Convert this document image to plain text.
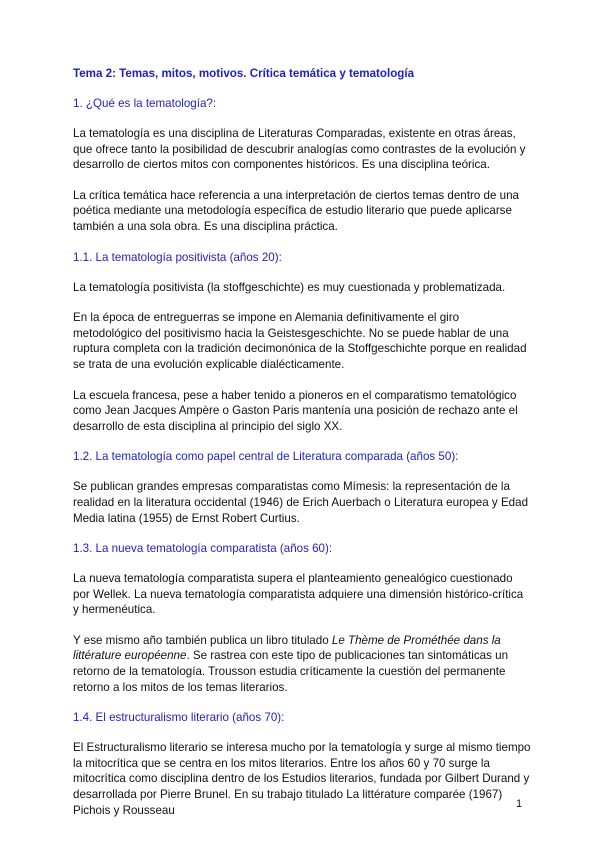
Tema 2: Temas, mitos, motivos. Crítica temática y tematología
1. ¿Qué es la tematología?:
La tematología es una disciplina de Literaturas Comparadas, existente en otras áreas, que ofrece tanto la posibilidad de descubrir analogías como contrastes de la evolución y desarrollo de ciertos mitos con componentes históricos. Es una disciplina teórica.
La crítica temática hace referencia a una interpretación de ciertos temas dentro de una poética mediante una metodología específica de estudio literario que puede aplicarse también a una sola obra. Es una disciplina práctica.
1.1. La tematología positivista (años 20):
La tematología positivista (la stoffgeschichte) es muy cuestionada y problematizada.
En la época de entreguerras se impone en Alemania definitivamente el giro metodológico del positivismo hacia la Geistesgeschichte. No se puede hablar de una ruptura completa con la tradición decimonónica de la Stoffgeschichte porque en realidad se trata de una evolución explicable dialécticamente.
La escuela francesa, pese a haber tenido a pioneros en el comparatismo tematológico como Jean Jacques Ampère o Gaston Paris mantenía una posición de rechazo ante el desarrollo de esta disciplina al principio del siglo XX.
1.2. La tematología como papel central de Literatura comparada (años 50):
Se publican grandes empresas comparatistas como Mímesis: la representación de la realidad en la literatura occidental (1946) de Erich Auerbach o Literatura europea y Edad Media latina (1955) de Ernst Robert Curtius.
1.3. La nueva tematología comparatista (años 60):
La nueva tematología comparatista supera el planteamiento genealógico cuestionado por Wellek. La nueva tematología comparatista adquiere una dimensión histórico-crítica y hermenéutica.
Y ese mismo año también publica un libro titulado Le Thème de Prométhée dans la littérature européenne. Se rastrea con este tipo de publicaciones tan sintomáticas un retorno de la tematología. Trousson estudia críticamente la cuestión del permanente retorno a los mitos de los temas literarios.
1.4. El estructuralismo literario (años 70):
El Estructuralismo literario se interesa mucho por la tematología y surge al mismo tiempo la mitocrítica que se centra en los mitos literarios. Entre los años 60 y 70 surge la mitocrítica como disciplina dentro de los Estudios literarios, fundada por Gilbert Durand y desarrollada por Pierre Brunel. En su trabajo titulado La littérature comparée (1967) Pichois y Rousseau	1
